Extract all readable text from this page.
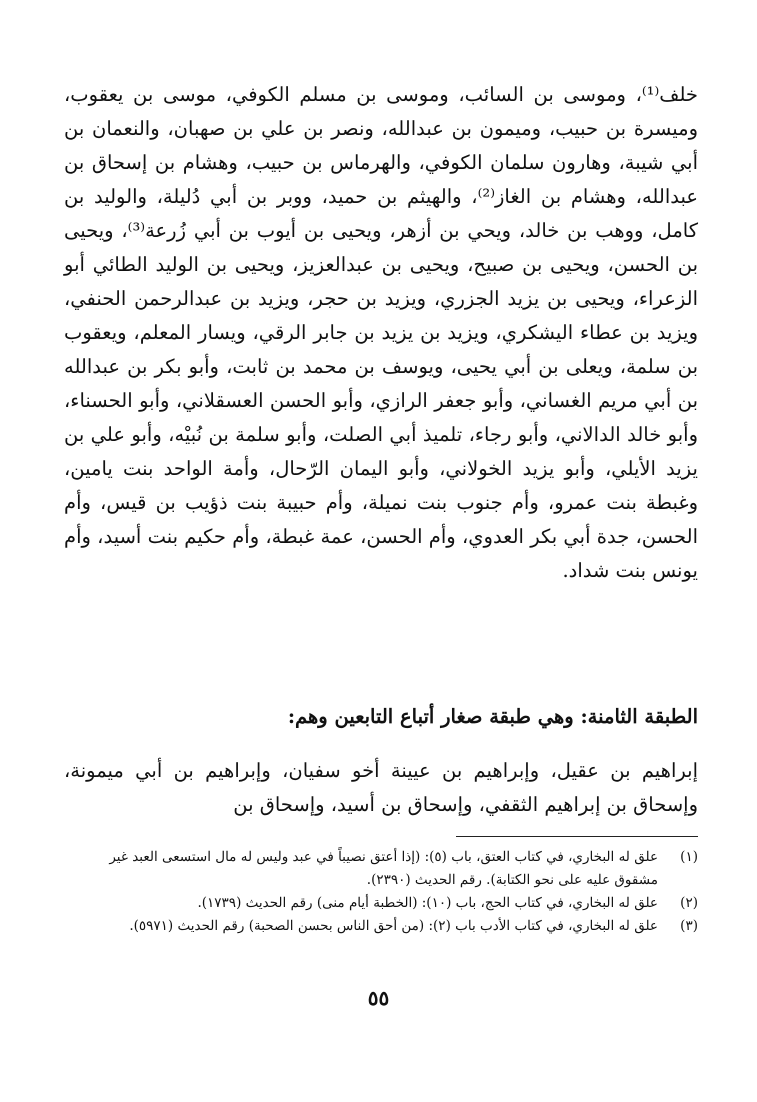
خلف⁽¹⁾، وموسى بن السائب، وموسى بن مسلم الكوفي، موسى بن يعقوب، وميسرة بن حبيب، وميمون بن عبدالله، ونصر بن علي بن صهبان، والنعمان بن أبي شيبة، وهارون سلمان الكوفي، والهرماس بن حبيب، وهشام بن إسحاق بن عبدالله، وهشام بن الغاز⁽²⁾، والهيثم بن حميد، ووبر بن أبي دُليلة، والوليد بن كامل، ووهب بن خالد، ويحي بن أزهر، ويحيى بن أيوب بن أبي زُرعة⁽³⁾، ويحيى بن الحسن، ويحيى بن صبيح، ويحيى بن عبدالعزيز، ويحيى بن الوليد الطائي أبو الزعراء، ويحيى بن يزيد الجزري، ويزيد بن حجر، ويزيد بن عبدالرحمن الحنفي، ويزيد بن عطاء اليشكري، ويزيد بن يزيد بن جابر الرقي، ويسار المعلم، ويعقوب بن سلمة، ويعلى بن أبي يحيى، ويوسف بن محمد بن ثابت، وأبو بكر بن عبدالله بن أبي مريم الغساني، وأبو جعفر الرازي، وأبو الحسن العسقلاني، وأبو الحسناء، وأبو خالد الدالاني، وأبو رجاء، تلميذ أبي الصلت، وأبو سلمة بن نُبيْه، وأبو علي بن يزيد الأيلي، وأبو يزيد الخولاني، وأبو اليمان الرّحال، وأمة الواحد بنت يامين، وغبطة بنت عمرو، وأم جنوب بنت نميلة، وأم حبيبة بنت ذؤيب بن قيس، وأم الحسن، جدة أبي بكر العدوي، وأم الحسن، عمة غبطة، وأم حكيم بنت أسيد، وأم يونس بنت شداد.

الطبقة الثامنة: وهي طبقة صغار أتباع التابعين وهم:

إبراهيم بن عقيل، وإبراهيم بن عيينة أخو سفيان، وإبراهيم بن أبي ميمونة، وإسحاق بن إبراهيم الثقفي، وإسحاق بن أسيد، وإسحاق بن

(١)
علق له البخاري، في كتاب العتق، باب (٥): (إذا أعتق نصيباً في عبد وليس له مال استسعى العبد غير مشقوق عليه على نحو الكتابة). رقم الحديث (٢٣٩٠).
(٢)
علق له البخاري، في كتاب الحج، باب (١٠): (الخطبة أيام منى) رقم الحديث (١٧٣٩).
(٣)
علق له البخاري، في كتاب الأدب باب (٢): (من أحق الناس بحسن الصحبة) رقم الحديث (٥٩٧١).
٥٥
